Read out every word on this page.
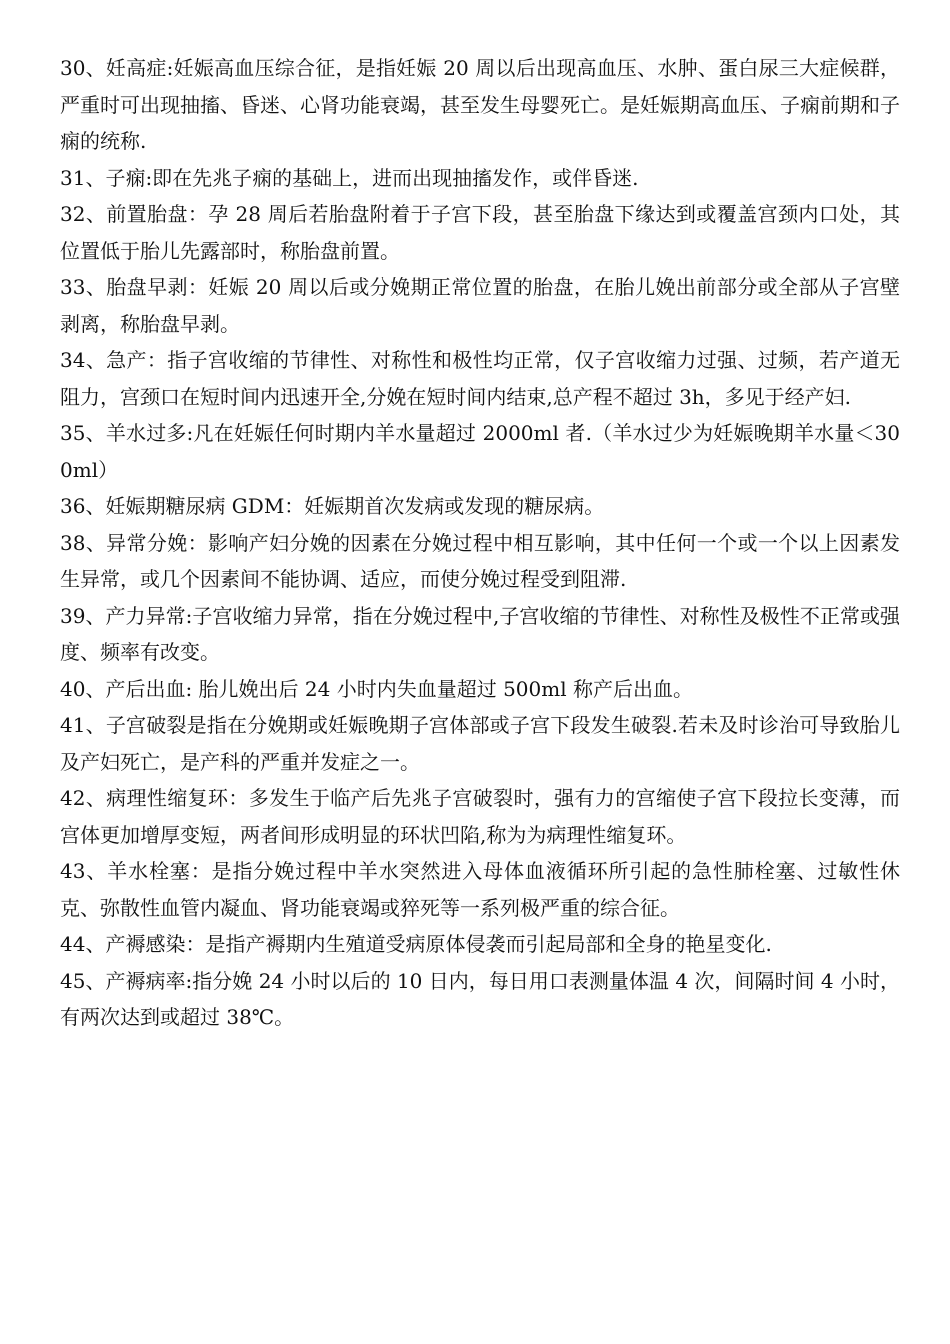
30、妊高症:妊娠高血压综合征，是指妊娠 20 周以后出现高血压、水肿、蛋白尿三大症候群，严重时可出现抽搐、昏迷、心肾功能衰竭，甚至发生母婴死亡。是妊娠期高血压、子痫前期和子痫的统称.

31、子痫:即在先兆子痫的基础上，进而出现抽搐发作，或伴昏迷.

32、前置胎盘：孕 28 周后若胎盘附着于子宫下段，甚至胎盘下缘达到或覆盖宫颈内口处，其位置低于胎儿先露部时，称胎盘前置。

33、胎盘早剥：妊娠 20 周以后或分娩期正常位置的胎盘，在胎儿娩出前部分或全部从子宫壁剥离，称胎盘早剥。

34、急产：指子宫收缩的节律性、对称性和极性均正常，仅子宫收缩力过强、过频，若产道无阻力，宫颈口在短时间内迅速开全,分娩在短时间内结束,总产程不超过 3h，多见于经产妇.

35、羊水过多:凡在妊娠任何时期内羊水量超过 2000ml 者.（羊水过少为妊娠晚期羊水量＜300ml）

36、妊娠期糖尿病 GDM：妊娠期首次发病或发现的糖尿病。

38、异常分娩：影响产妇分娩的因素在分娩过程中相互影响，其中任何一个或一个以上因素发生异常，或几个因素间不能协调、适应，而使分娩过程受到阻滞.

39、产力异常:子宫收缩力异常，指在分娩过程中,子宫收缩的节律性、对称性及极性不正常或强度、频率有改变。

40、产后出血: 胎儿娩出后 24 小时内失血量超过 500ml 称产后出血。

41、子宫破裂是指在分娩期或妊娠晚期子宫体部或子宫下段发生破裂.若未及时诊治可导致胎儿及产妇死亡，是产科的严重并发症之一。

42、病理性缩复环：多发生于临产后先兆子宫破裂时，强有力的宫缩使子宫下段拉长变薄，而宫体更加增厚变短，两者间形成明显的环状凹陷,称为为病理性缩复环。

43、羊水栓塞：是指分娩过程中羊水突然进入母体血液循环所引起的急性肺栓塞、过敏性休克、弥散性血管内凝血、肾功能衰竭或猝死等一系列极严重的综合征。

44、产褥感染：是指产褥期内生殖道受病原体侵袭而引起局部和全身的艳星变化.

45、产褥病率:指分娩 24 小时以后的 10 日内，每日用口表测量体温 4 次，间隔时间 4 小时，有两次达到或超过 38℃。
